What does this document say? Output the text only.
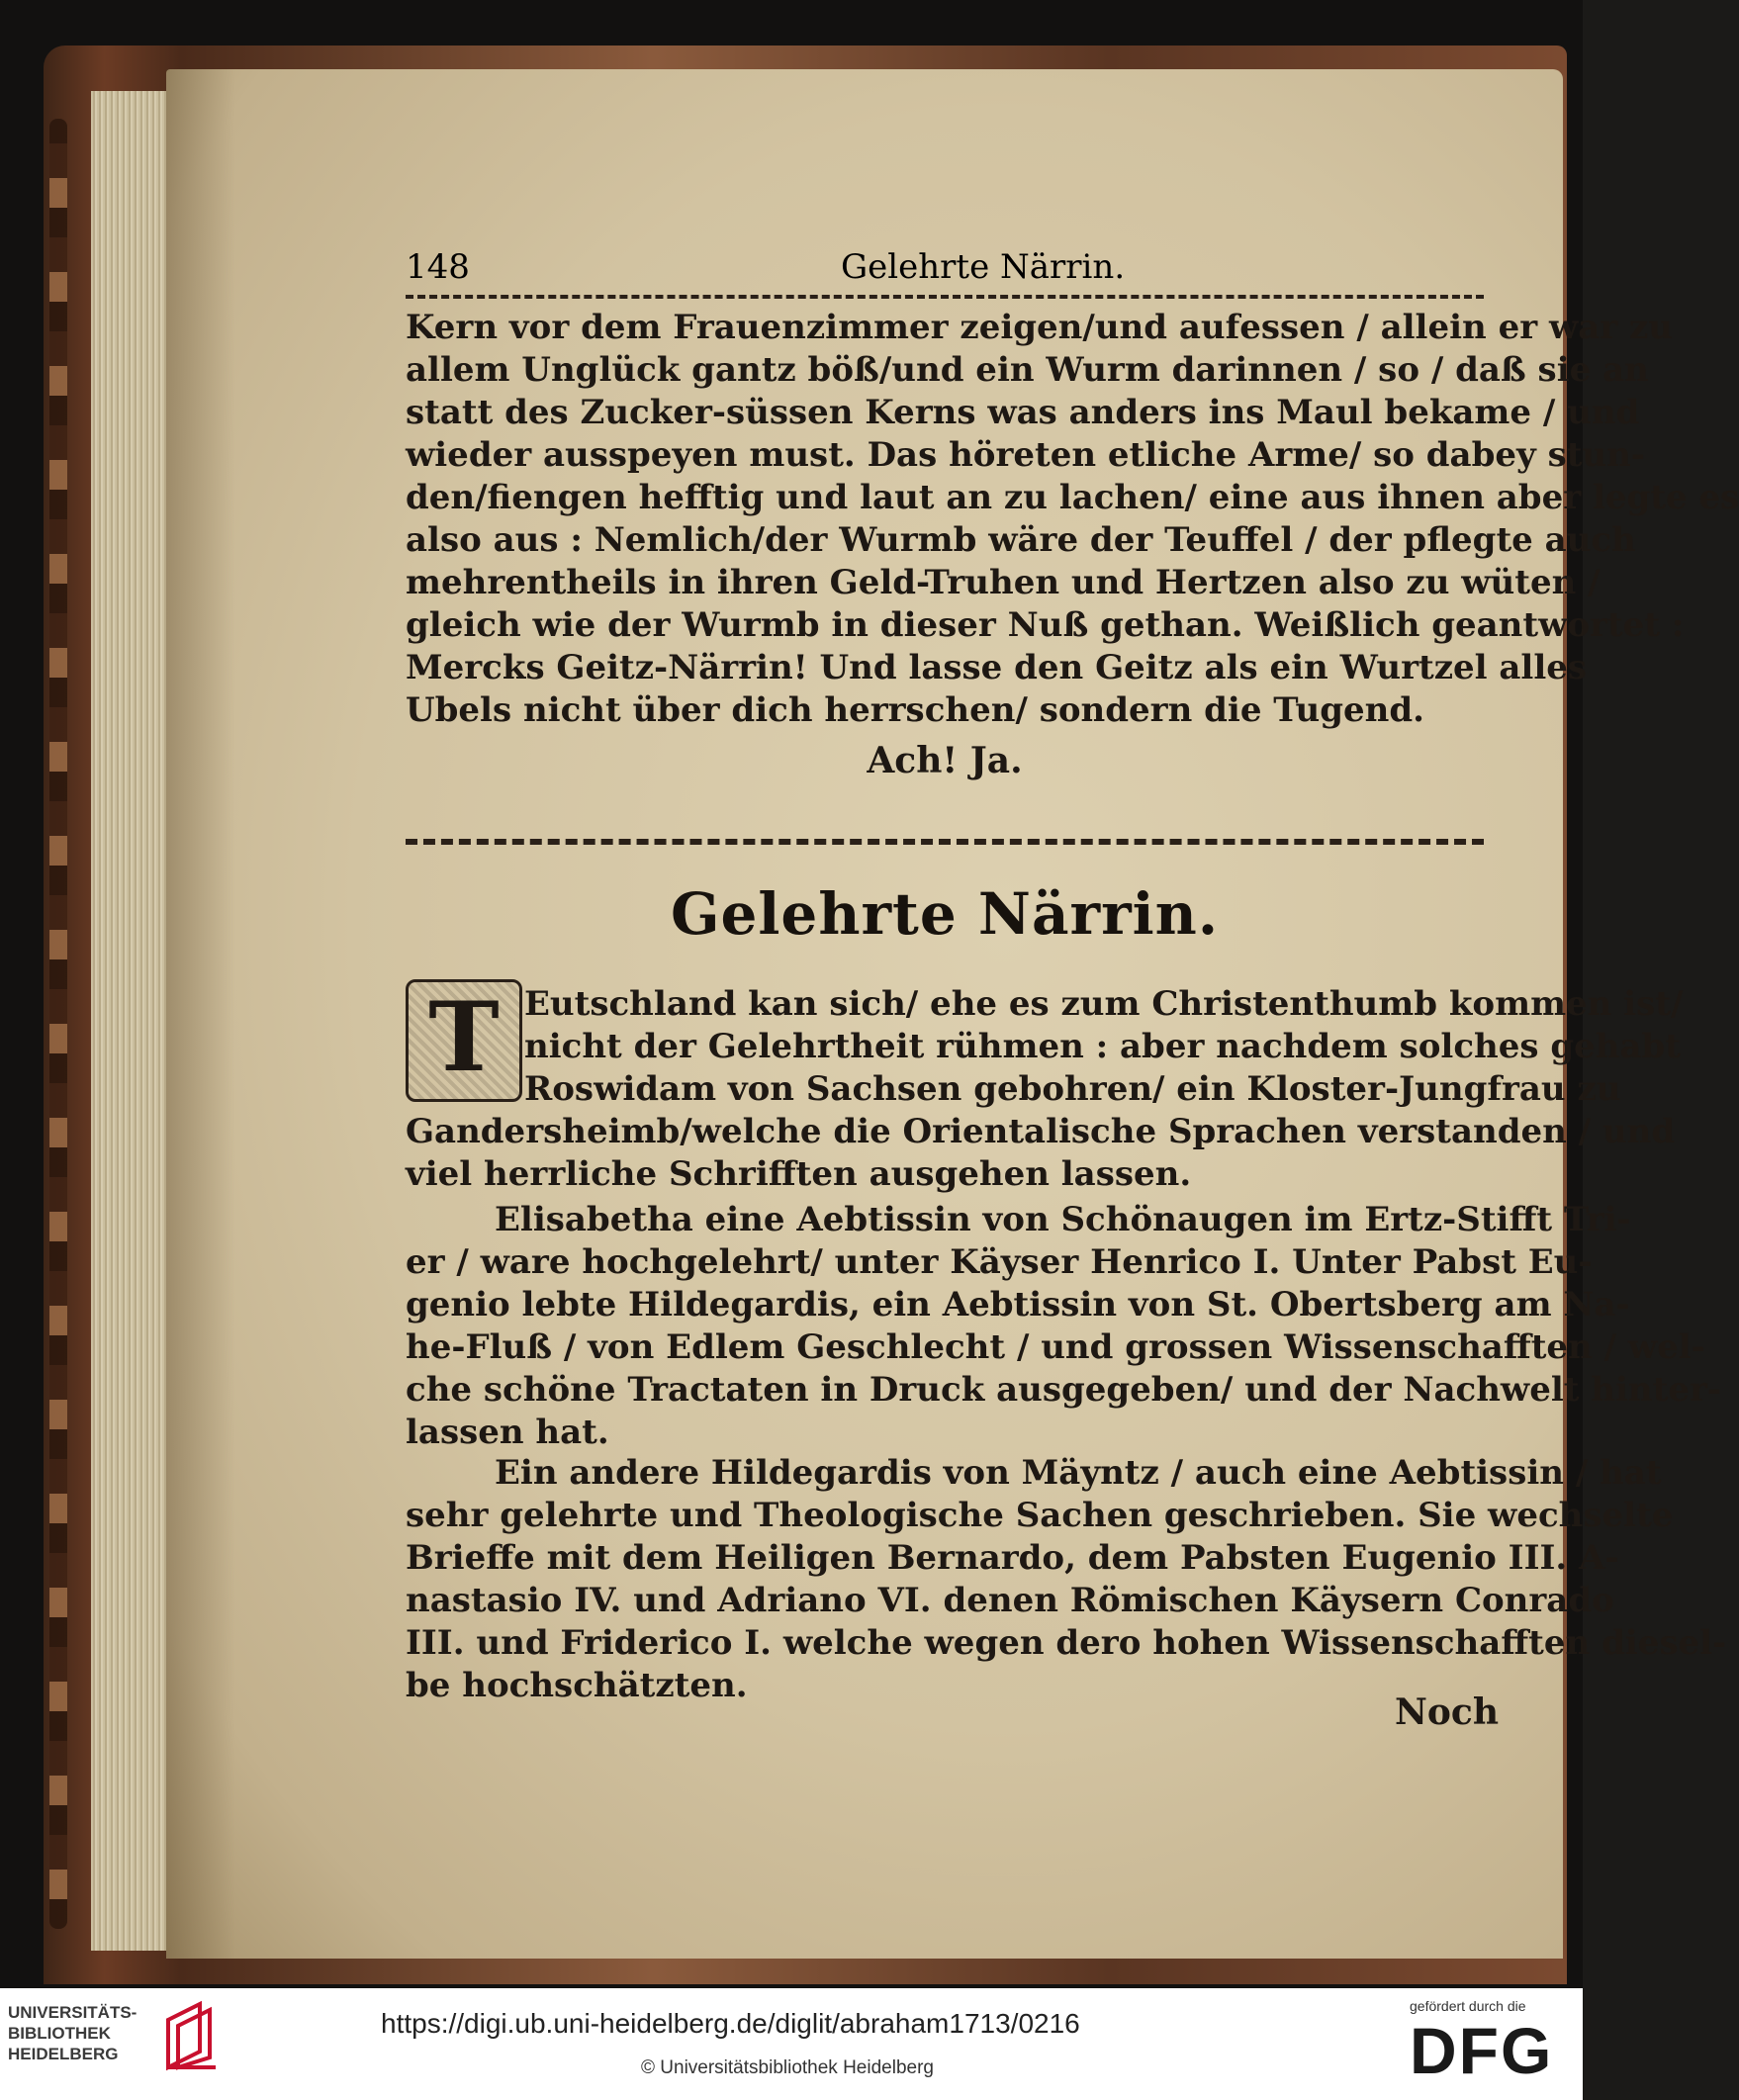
148	Gelehrte Närrin.
Kern vor dem Frauenzimmer zeigen/und aufessen / allein er war zu
allem Unglück gantz böß/und ein Wurm darinnen / so / daß sie an
statt des Zucker-süssen Kerns was anders ins Maul bekame / und
wieder ausspeyen must. Das höreten etliche Arme/ so dabey stun-
den/fiengen hefftig und laut an zu lachen/ eine aus ihnen aber legte es
also aus : Nemlich/der Wurmb wäre der Teuffel / der pflegte auch
mehrentheils in ihren Geld-Truhen und Hertzen also zu wüten /
gleich wie der Wurmb in dieser Nuß gethan. Weißlich geantwortet :
Mercks Geitz-Närrin! Und lasse den Geitz als ein Wurtzel alles
Ubels nicht über dich herrschen/ sondern die Tugend.
Ach! Ja.
Gelehrte Närrin.
T Eutschland kan sich/ ehe es zum Christenthumb kommen ist/
nicht der Gelehrtheit rühmen : aber nachdem solches gehabt
Roswidam von Sachsen gebohren/ ein Kloster-Jungfrau zu
Gandersheimb/welche die Orientalische Sprachen verstanden / und
viel herrliche Schrifften ausgehen lassen.
Elisabetha eine Aebtissin von Schönaugen im Ertz-Stifft Tri-
er / ware hochgelehrt/ unter Käyser Henrico I. Unter Pabst Eu-
genio lebte Hildegardis, ein Aebtissin von St. Obertsberg am Na-
he-Fluß / von Edlem Geschlecht / und grossen Wissenschafften / wel-
che schöne Tractaten in Druck ausgegeben/ und der Nachwelt hinter-
lassen hat.
Ein andere Hildegardis von Mäyntz / auch eine Aebtissin / hat
sehr gelehrte und Theologische Sachen geschrieben. Sie wechselte
Brieffe mit dem Heiligen Bernardo, dem Pabsten Eugenio III. A-
nastasio IV. und Adriano VI. denen Römischen Käysern Conrado
III. und Friderico I. welche wegen dero hohen Wissenschafften diesel-
be hochschätzten.
Noch
UNIVERSITÄTS-
BIBLIOTHEK
HEIDELBERG
https://digi.ub.uni-heidelberg.de/diglit/abraham1713/0216
© Universitätsbibliothek Heidelberg
gefördert durch die
DFG
